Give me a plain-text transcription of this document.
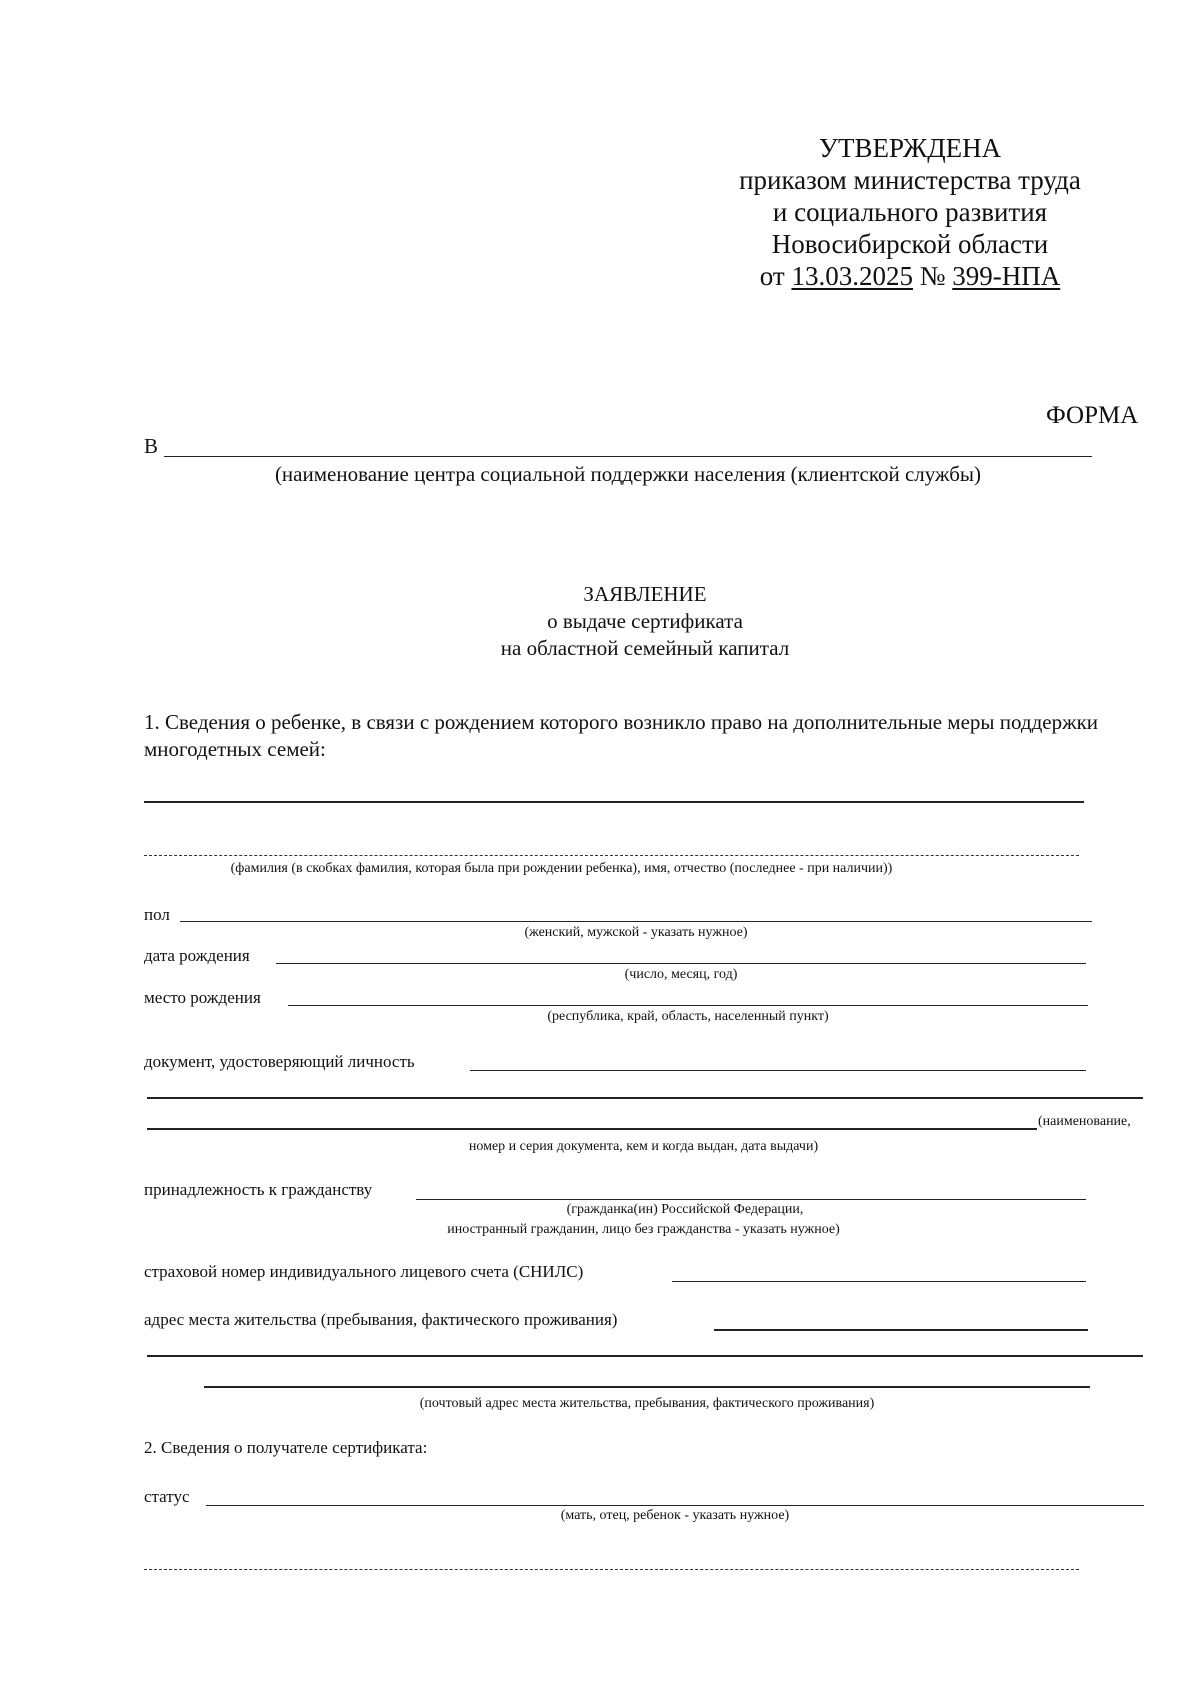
УТВЕРЖДЕНА
приказом министерства труда
и социального развития
Новосибирской области
от 13.03.2025 № 399-НПА
ФОРМА
В
(наименование центра социальной поддержки населения (клиентской службы)
ЗАЯВЛЕНИЕ
о выдаче сертификата
на областной семейный капитал
1. Сведения о ребенке, в связи с рождением которого возникло право на дополнительные меры поддержки
многодетных семей:
(фамилия (в скобках фамилия, которая была при рождении ребенка), имя, отчество (последнее - при наличии))
пол
(женский, мужской - указать нужное)
дата рождения
(число, месяц, год)
место рождения
(республика, край, область, населенный пункт)
документ, удостоверяющий личность
(наименование,
номер и серия документа, кем и когда выдан, дата выдачи)
принадлежность к гражданству
(гражданка(ин) Российской Федерации,
иностранный гражданин, лицо без гражданства - указать нужное)
страховой номер индивидуального лицевого счета (СНИЛС)
адрес места жительства (пребывания, фактического проживания)
(почтовый адрес места жительства, пребывания, фактического проживания)
2. Сведения о получателе сертификата:
статус
(мать, отец, ребенок - указать нужное)
